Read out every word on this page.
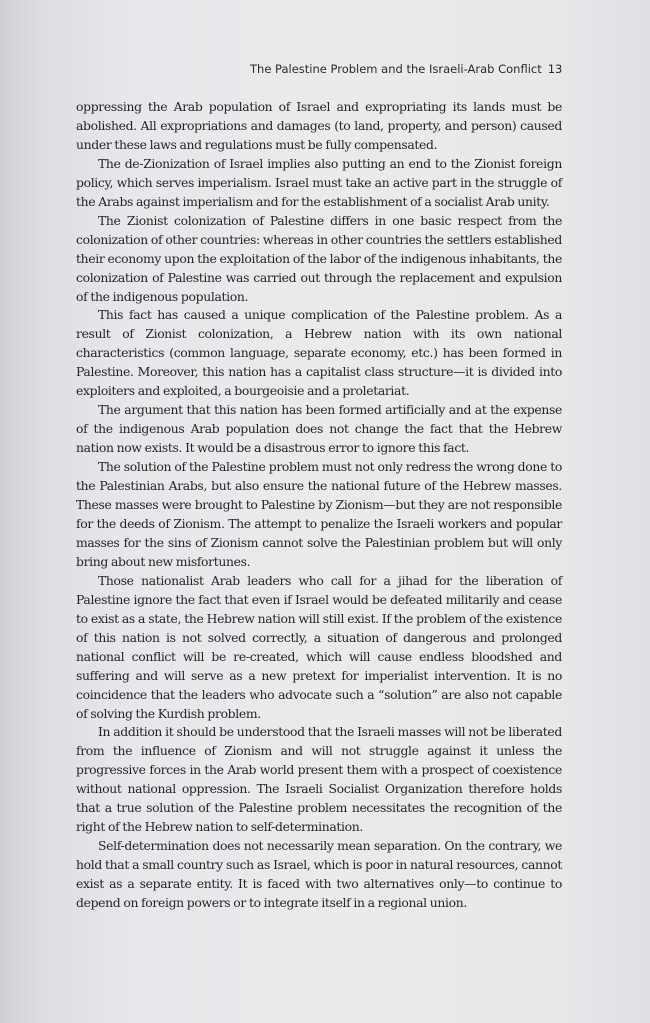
The Palestine Problem and the Israeli-Arab Conflict 13

oppressing the Arab population of Israel and expropriating its lands must be abolished. All expropriations and damages (to land, property, and person) caused under these laws and regulations must be fully compensated.

The de-Zionization of Israel implies also putting an end to the Zionist foreign policy, which serves imperialism. Israel must take an active part in the struggle of the Arabs against imperialism and for the establishment of a socialist Arab unity.

The Zionist colonization of Palestine differs in one basic respect from the colonization of other countries: whereas in other countries the settlers established their economy upon the exploitation of the labor of the indigenous inhabitants, the colonization of Palestine was carried out through the replacement and expulsion of the indigenous population.

This fact has caused a unique complication of the Palestine problem. As a result of Zionist colonization, a Hebrew nation with its own national characteristics (common language, separate economy, etc.) has been formed in Palestine. Moreover, this nation has a capitalist class structure—it is divided into exploiters and exploited, a bourgeoisie and a proletariat.

The argument that this nation has been formed artificially and at the expense of the indigenous Arab population does not change the fact that the Hebrew nation now exists. It would be a disastrous error to ignore this fact.

The solution of the Palestine problem must not only redress the wrong done to the Palestinian Arabs, but also ensure the national future of the Hebrew masses. These masses were brought to Palestine by Zionism—but they are not responsible for the deeds of Zionism. The attempt to penalize the Israeli workers and popular masses for the sins of Zionism cannot solve the Palestinian problem but will only bring about new misfortunes.

Those nationalist Arab leaders who call for a jihad for the liberation of Palestine ignore the fact that even if Israel would be defeated militarily and cease to exist as a state, the Hebrew nation will still exist. If the problem of the existence of this nation is not solved correctly, a situation of dangerous and prolonged national conflict will be re-created, which will cause endless bloodshed and suffering and will serve as a new pretext for imperialist intervention. It is no coincidence that the leaders who advocate such a “solution” are also not capable of solving the Kurdish problem.

In addition it should be understood that the Israeli masses will not be liberated from the influence of Zionism and will not struggle against it unless the progressive forces in the Arab world present them with a prospect of coexistence without national oppression. The Israeli Socialist Organization therefore holds that a true solution of the Palestine problem necessitates the recognition of the right of the Hebrew nation to self-determination.

Self-determination does not necessarily mean separation. On the contrary, we hold that a small country such as Israel, which is poor in natural resources, cannot exist as a separate entity. It is faced with two alternatives only—to continue to depend on foreign powers or to integrate itself in a regional union.
